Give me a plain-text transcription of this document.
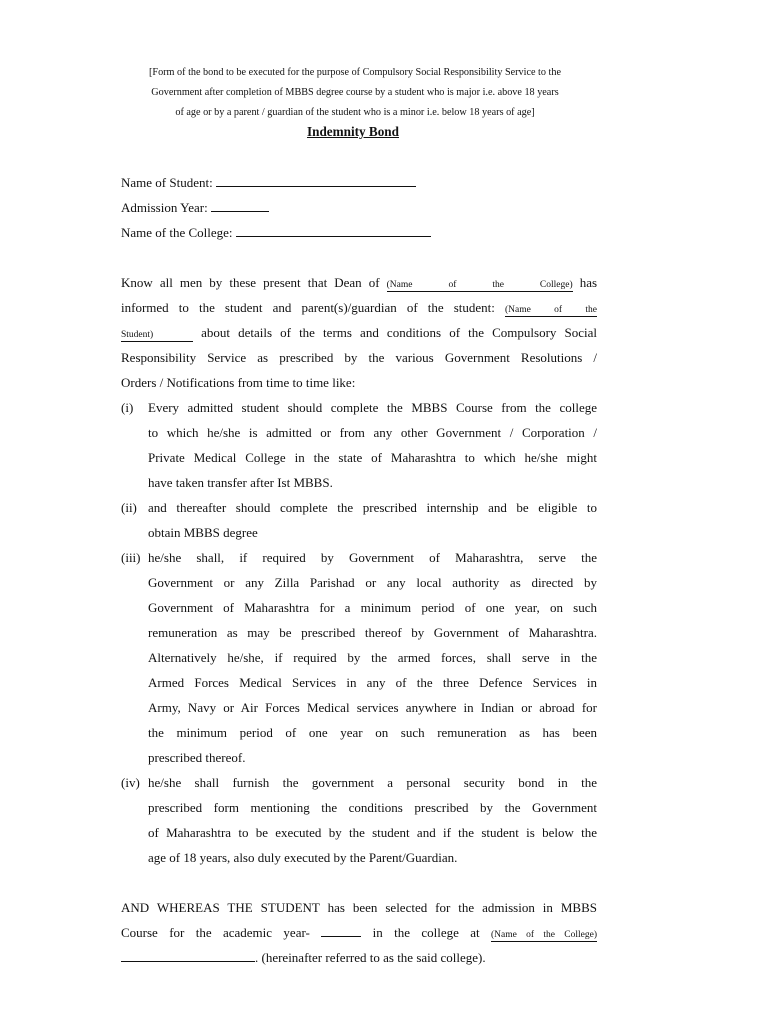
[Form of the bond to be executed for the purpose of Compulsory Social Responsibility Service to the
Government after completion of MBBS degree course by a student who is major i.e. above 18 years
of age or by a parent / guardian of the student who is a minor i.e. below 18 years of age]
Indemnity Bond
Name of Student:
Admission Year:
Name of the College:
Know all men by these present that Dean of (Name of the College) has
informed to the student and parent(s)/guardian of the student: (Name of the
Student)	about details of the terms and conditions of the Compulsory Social
Responsibility Service as prescribed by the various Government Resolutions /
Orders / Notifications from time to time like:
(i) Every admitted student should complete the MBBS Course from the college
to which he/she is admitted or from any other Government / Corporation /
Private Medical College in the state of Maharashtra to which he/she might
have taken transfer after Ist MBBS.
(ii) and thereafter should complete the prescribed internship and be eligible to
obtain MBBS degree
(iii) he/she shall, if required by Government of Maharashtra, serve the
Government or any Zilla Parishad or any local authority as directed by
Government of Maharashtra for a minimum period of one year, on such
remuneration as may be prescribed thereof by Government of Maharashtra.
Alternatively he/she, if required by the armed forces, shall serve in the
Armed Forces Medical Services in any of the three Defence Services in
Army, Navy or Air Forces Medical services anywhere in Indian or abroad for
the minimum period of one year on such remuneration as has been
prescribed thereof.
(iv) he/she shall furnish the government a personal security bond in the
prescribed form mentioning the conditions prescribed by the Government
of Maharashtra to be executed by the student and if the student is below the
age of 18 years, also duly executed by the Parent/Guardian.
AND WHEREAS THE STUDENT has been selected for the admission in MBBS
Course for the academic year-	in the college at (Name of the College)
. (hereinafter referred to as the said college).
